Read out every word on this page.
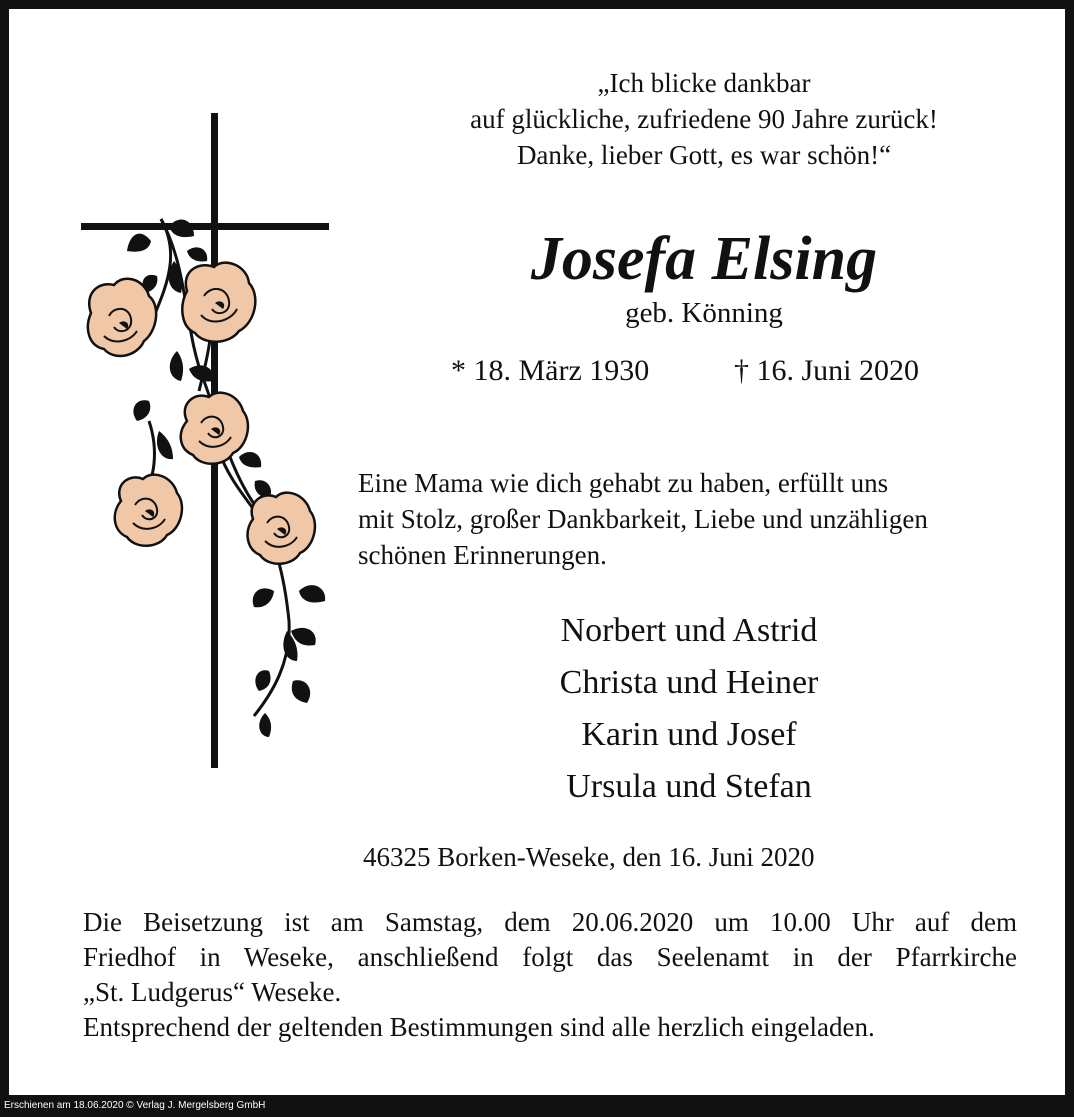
„Ich blicke dankbar
auf glückliche, zufriedene 90 Jahre zurück!
Danke, lieber Gott, es war schön!“
Josefa Elsing
geb. Könning
* 18. März 1930	† 16. Juni 2020
Eine Mama wie dich gehabt zu haben, erfüllt uns
mit Stolz, großer Dankbarkeit, Liebe und unzähligen
schönen Erinnerungen.
Norbert und Astrid
Christa und Heiner
Karin und Josef
Ursula und Stefan
46325 Borken-Weseke, den 16. Juni 2020
Die Beisetzung ist am Samstag, dem 20.06.2020 um 10.00 Uhr auf dem
Friedhof in Weseke, anschließend folgt das Seelenamt in der Pfarrkirche
„St. Ludgerus“ Weseke.
Entsprechend der geltenden Bestimmungen sind alle herzlich eingeladen.
Erschienen am 18.06.2020 © Verlag J. Mergelsberg GmbH
